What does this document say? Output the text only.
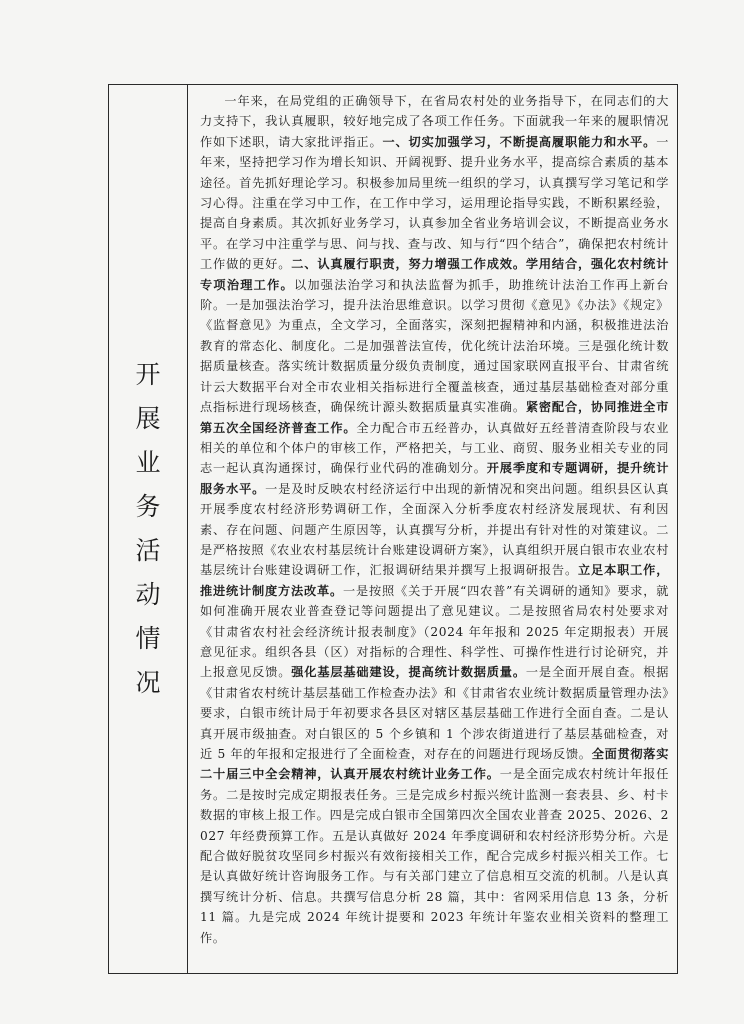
开
展
业
务
活
动
情
况

一年来，在局党组的正确领导下，在省局农村处的业务指导下，在同志们的大力支持下，我认真履职，较好地完成了各项工作任务。下面就我一年来的履职情况作如下述职，请大家批评指正。一、切实加强学习，不断提高履职能力和水平。一年来，坚持把学习作为增长知识、开阔视野、提升业务水平，提高综合素质的基本途径。首先抓好理论学习。积极参加局里统一组织的学习，认真撰写学习笔记和学习心得。注重在学习中工作，在工作中学习，运用理论指导实践，不断积累经验，提高自身素质。其次抓好业务学习，认真参加全省业务培训会议，不断提高业务水平。在学习中注重学与思、问与找、查与改、知与行“四个结合”，确保把农村统计工作做的更好。二、认真履行职责，努力增强工作成效。学用结合，强化农村统计专项治理工作。以加强法治学习和执法监督为抓手，助推统计法治工作再上新台阶。一是加强法治学习，提升法治思维意识。以学习贯彻《意见》《办法》《规定》《监督意见》为重点，全文学习，全面落实，深刻把握精神和内涵，积极推进法治教育的常态化、制度化。二是加强普法宣传，优化统计法治环境。三是强化统计数据质量核查。落实统计数据质量分级负责制度，通过国家联网直报平台、甘肃省统计云大数据平台对全市农业相关指标进行全覆盖核查，通过基层基础检查对部分重点指标进行现场核查，确保统计源头数据质量真实准确。紧密配合，协同推进全市第五次全国经济普查工作。全力配合市五经普办，认真做好五经普清查阶段与农业相关的单位和个体户的审核工作，严格把关，与工业、商贸、服务业相关专业的同志一起认真沟通探讨，确保行业代码的准确划分。开展季度和专题调研，提升统计服务水平。一是及时反映农村经济运行中出现的新情况和突出问题。组织县区认真开展季度农村经济形势调研工作，全面深入分析季度农村经济发展现状、有利因素、存在问题、问题产生原因等，认真撰写分析，并提出有针对性的对策建议。二是严格按照《农业农村基层统计台账建设调研方案》，认真组织开展白银市农业农村基层统计台账建设调研工作，汇报调研结果并撰写上报调研报告。立足本职工作，推进统计制度方法改革。一是按照《关于开展“四农普”有关调研的通知》要求，就如何准确开展农业普查登记等问题提出了意见建议。二是按照省局农村处要求对《甘肃省农村社会经济统计报表制度》（2024 年年报和 2025 年定期报表）开展意见征求。组织各县（区）对指标的合理性、科学性、可操作性进行讨论研究，并上报意见反馈。强化基层基础建设，提高统计数据质量。一是全面开展自查。根据《甘肃省农村统计基层基础工作检查办法》和《甘肃省农业统计数据质量管理办法》要求，白银市统计局于年初要求各县区对辖区基层基础工作进行全面自查。二是认真开展市级抽查。对白银区的 5 个乡镇和 1 个涉农街道进行了基层基础检查，对近 5 年的年报和定报进行了全面检查，对存在的问题进行现场反馈。全面贯彻落实二十届三中全会精神，认真开展农村统计业务工作。一是全面完成农村统计年报任务。二是按时完成定期报表任务。三是完成乡村振兴统计监测一套表县、乡、村卡数据的审核上报工作。四是完成白银市全国第四次全国农业普查 2025、2026、2027 年经费预算工作。五是认真做好 2024 年季度调研和农村经济形势分析。六是配合做好脱贫攻坚同乡村振兴有效衔接相关工作，配合完成乡村振兴相关工作。七是认真做好统计咨询服务工作。与有关部门建立了信息相互交流的机制。八是认真撰写统计分析、信息。共撰写信息分析 28 篇，其中：省网采用信息 13 条，分析 11 篇。九是完成 2024 年统计提要和 2023 年统计年鉴农业相关资料的整理工作。
